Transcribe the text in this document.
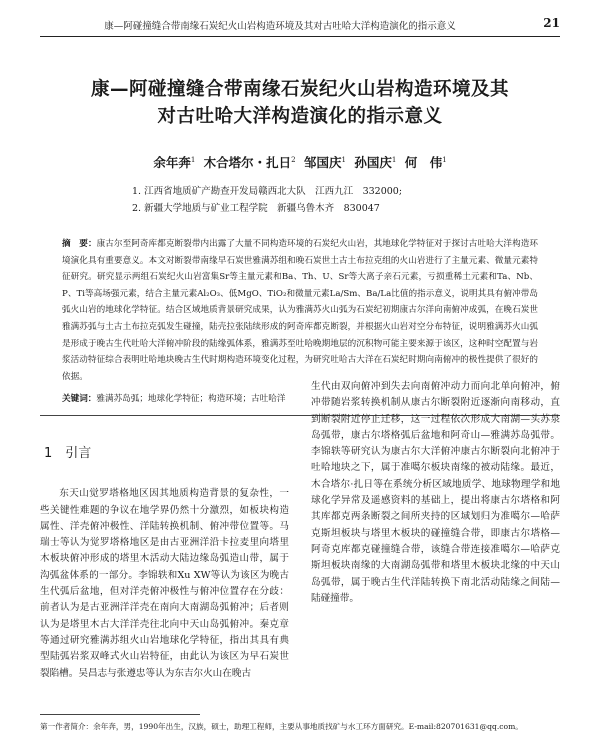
康—阿碰撞缝合带南缘石炭纪火山岩构造环境及其对古吐哈大洋构造演化的指示意义	21
康—阿碰撞缝合带南缘石炭纪火山岩构造环境及其
对古吐哈大洋构造演化的指示意义
余年奔$^1$ 木合塔尔・扎日$^2$ 邹国庆$^1$ 孙国庆$^1$ 何　伟$^1$
1. 江西省地质矿产勘查开发局赣西北大队　江西九江　332000;
2. 新疆大学地质与矿业工程学院　新疆乌鲁木齐　830047
摘　要：康古尔至阿奇库都克断裂带内出露了大量不同构造环境的石炭纪火山岩，其地球化学特征对于探讨古吐哈大洋构造环境演化具有重要意义。本文对断裂带南缘早石炭世雅满苏组和晚石炭世土古土布拉克组的火山岩进行了主量元素、微量元素特征研究。研究显示两组石炭纪火山岩富集Sr等主量元素和Ba、Th、U、Sr等大离子亲石元素，亏损重稀土元素和Ta、Nb、P、Ti等高场强元素，结合主量元素Al₂O₃、低MgO、TiO₂和微量元素La/Sm、Ba/La比值的指示意义，说明其具有俯冲带岛弧火山岩的地球化学特征。结合区域地质背景研究成果，认为雅满苏火山弧为石炭纪初期康古尔洋向南俯冲成弧，在晚石炭世雅满苏弧与土古土布拉克弧发生碰撞，陆壳拉张陆续形成的阿奇库都克断裂，并根据火山岩对空分布特征，说明雅满苏火山弧是形成于晚古生代吐哈大洋俯冲阶段的陆缘弧体系，雅满苏至吐哈晚期地层的沉积物可能主要来源于该区，这种时空配置与岩浆活动特征综合表明吐哈地块晚古生代时期构造环境变化过程，为研究吐哈古大洋在石炭纪时期向南俯冲的极性提供了很好的依据。
关键词：雅满苏岛弧；地球化学特征；构造环境；古吐哈洋
1  引言

东天山觉罗塔格地区因其地质构造背景的复杂性，一些关键性难题的争议在地学界仍然十分激烈，如板块构造属性、洋壳俯冲极性、洋陆转换机制、俯冲带位置等。马瑞士等认为觉罗塔格地区是由古亚洲洋沿卡拉麦里向塔里木板块俯冲形成的塔里木活动大陆边缘岛弧造山带，属于沟弧盆体系的一部分。李锦轶和Xu XW等认为该区为晚古生代弧后盆地，但对洋壳俯冲极性与俯冲位置存在分歧：前者认为是古亚洲洋洋壳在南向大南湖岛弧俯冲；后者则认为是塔里木古大洋洋壳往北向中天山岛弧俯冲。秦克章等通过研究雅满苏组火山岩地球化学特征，指出其具有典型陆弧岩浆双峰式火山岩特征，由此认为该区为早石炭世裂陷槽。吴昌志与张遵忠等认为东吉尔火山在晚古

生代由双向俯冲到失去向南俯冲动力而向北单向俯冲，俯冲带随岩浆转换机制从康古尔断裂附近逐渐向南移动，直到断裂附近停止迁移，这一过程依次形成大南湖—头苏泉岛弧带，康古尔塔格弧后盆地和阿奇山—雅满苏岛弧带。李锦轶等研究认为康古尔大洋俯冲康古尔断裂向北俯冲于吐哈地块之下，属于准噶尔板块南缘的被动陆缘。最近，木合塔尔·扎日等在系统分析区域地质学、地球物理学和地球化学异常及遥感资料的基础上，提出将康古尔塔格和阿其库都克两条断裂之间所夹持的区域划归为准噶尔—哈萨克斯坦板块与塔里木板块的碰撞缝合带，即康古尔塔格—阿奇克库都克碰撞缝合带，该缝合带连接准噶尔—哈萨克斯坦板块南缘的大南湖岛弧带和塔里木板块北缘的中天山岛弧带，属于晚古生代洋陆转换下南北活动陆缘之间陆—陆碰撞带。

第一作者简介：余年奔，男，1990年出生，汉族，硕士，助理工程师，主要从事地质找矿与水工环方面研究。E-mail:820701631@qq.com。
